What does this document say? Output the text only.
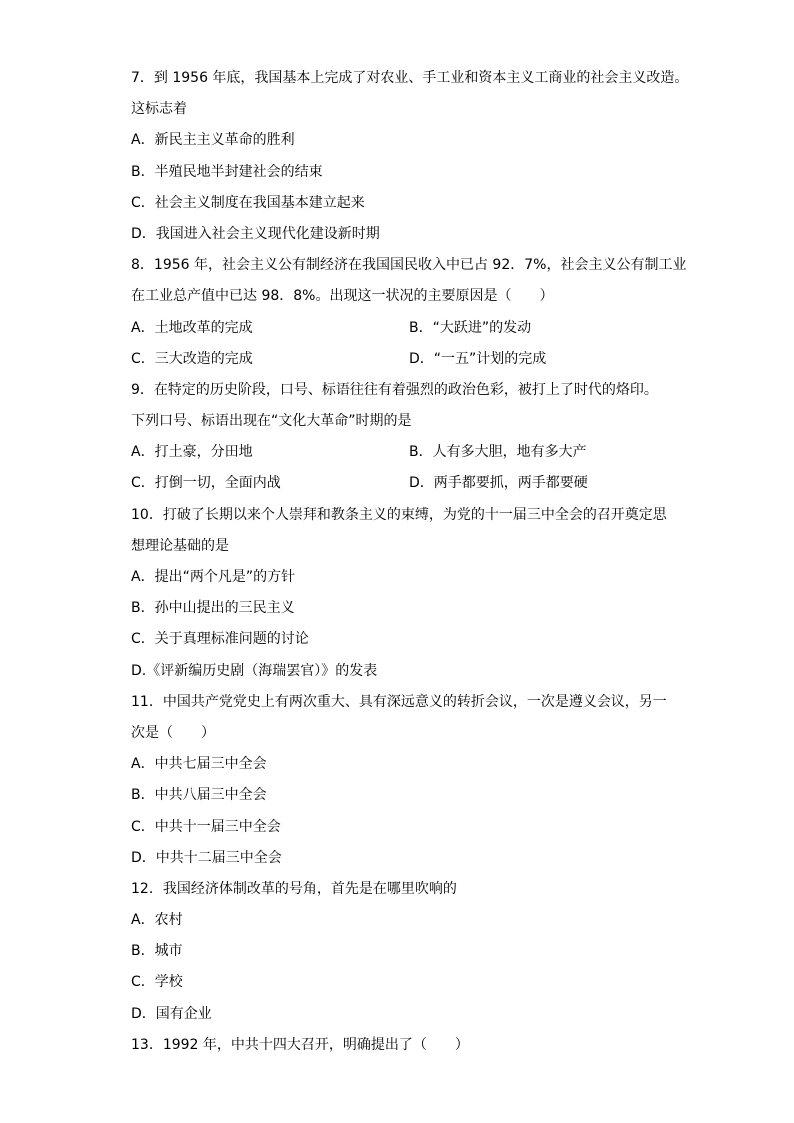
7．到 1956 年底，我国基本上完成了对农业、手工业和资本主义工商业的社会主义改造。
这标志着
A．新民主主义革命的胜利
B．半殖民地半封建社会的结束
C．社会主义制度在我国基本建立起来
D．我国进入社会主义现代化建设新时期
8．1956 年，社会主义公有制经济在我国国民收入中已占 92．7%，社会主义公有制工业
在工业总产值中已达 98．8%。出现这一状况的主要原因是（　　）
A．土地改革的完成	B．“大跃进”的发动
C．三大改造的完成	D．“一五”计划的完成
9．在特定的历史阶段，口号、标语往往有着强烈的政治色彩，被打上了时代的烙印。
下列口号、标语出现在“文化大革命”时期的是
A．打土豪，分田地	B．人有多大胆，地有多大产
C．打倒一切，全面内战	D．两手都要抓，两手都要硬
10．打破了长期以来个人崇拜和教条主义的束缚，为党的十一届三中全会的召开奠定思
想理论基础的是
A．提出“两个凡是”的方针
B．孙中山提出的三民主义
C．关于真理标准问题的讨论
D.《评新编历史剧（海瑞罢官）》的发表
11．中国共产党党史上有两次重大、具有深远意义的转折会议，一次是遵义会议，另一
次是（　　）
A．中共七届三中全会
B．中共八届三中全会
C．中共十一届三中全会
D．中共十二届三中全会
12．我国经济体制改革的号角，首先是在哪里吹响的
A．农村
B．城市
C．学校
D．国有企业
13．1992 年，中共十四大召开，明确提出了（　　）
